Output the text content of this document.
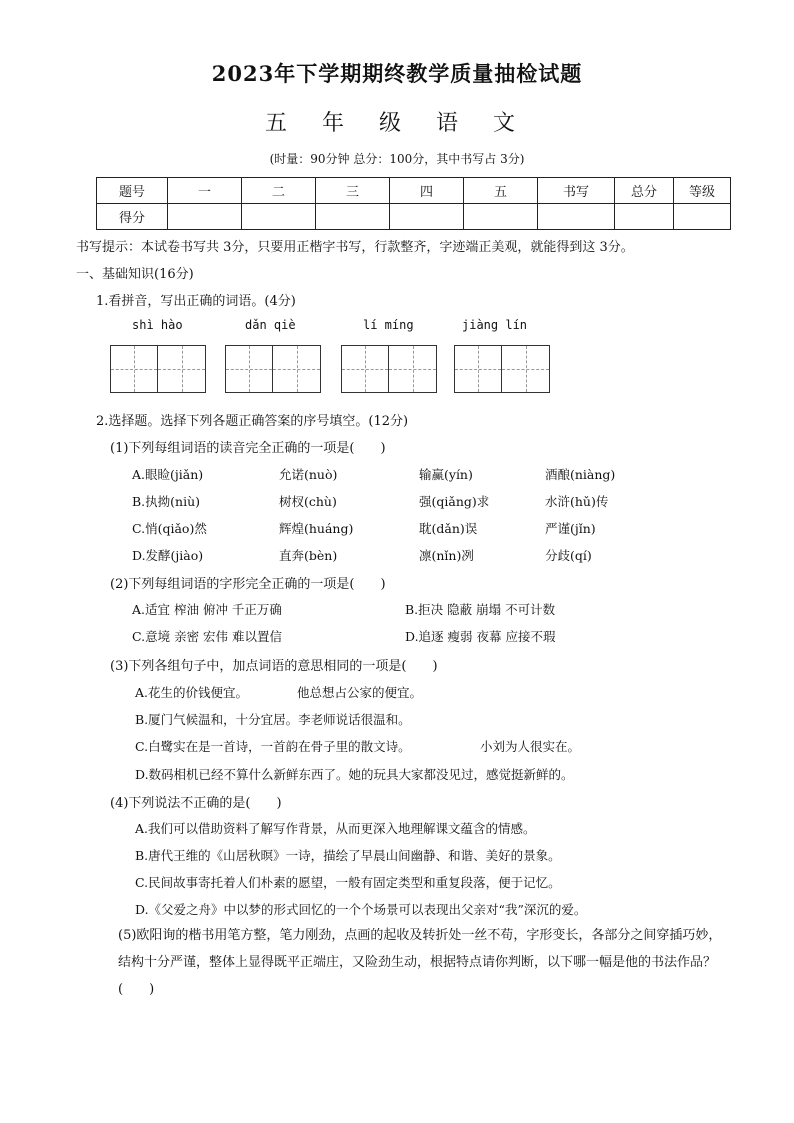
2023年下学期期终教学质量抽检试题
五 年 级 语 文
(时量：90分钟 总分：100分，其中书写占 3分)
题号	一	二	三	四	五	书写	总分	等级
得分								
书写提示：本试卷书写共 3分，只要用正楷字书写，行款整齐，字迹端正美观，就能得到这 3分。
一、基础知识(16分)
1.看拼音，写出正确的词语。(4分)
shì hào	dǎn qiè	lí míng	jiàng lín
2.选择题。选择下列各题正确答案的序号填空。(12分)
(1)下列每组词语的读音完全正确的一项是(　　)
A.眼睑(jiǎn)	允诺(nuò)	输赢(yín)	酒酿(niàng)
B.执拗(niù)	树杈(chù)	强(qiǎng)求	水浒(hǔ)传
C.悄(qiǎo)然	辉煌(huáng)	耽(dǎn)误	严谨(jǐn)
D.发酵(jiào)	直奔(bèn)	凛(nǐn)冽	分歧(qí)
(2)下列每组词语的字形完全正确的一项是(　　)
A.适宜 榨油 俯冲 千正万确	B.拒决 隐蔽 崩塌 不可计数
C.意境 亲密 宏伟 难以置信	D.追逐 瘦弱 夜幕 应接不瑕
(3)下列各组句子中，加点词语的意思相同的一项是(　　)
A.花生的价钱便宜。	他总想占公家的便宜。
B.厦门气候温和，十分宜居。李老师说话很温和。
C.白鹭实在是一首诗，一首韵在骨子里的散文诗。	小刘为人很实在。
D.数码相机已经不算什么新鲜东西了。她的玩具大家都没见过，感觉挺新鲜的。
(4)下列说法不正确的是(　　)
A.我们可以借助资料了解写作背景，从而更深入地理解课文蕴含的情感。
B.唐代王维的《山居秋暝》一诗，描绘了早晨山间幽静、和谐、美好的景象。
C.民间故事寄托着人们朴素的愿望，一般有固定类型和重复段落，便于记忆。
D.《父爱之舟》中以梦的形式回忆的一个个场景可以表现出父亲对“我”深沉的爱。
(5)欧阳询的楷书用笔方整，笔力刚劲，点画的起收及转折处一丝不苟，字形变长，各部分之间穿插巧妙，结构十分严谨，整体上显得既平正端庄，又险劲生动，根据特点请你判断，以下哪一幅是他的书法作品？(　　)
